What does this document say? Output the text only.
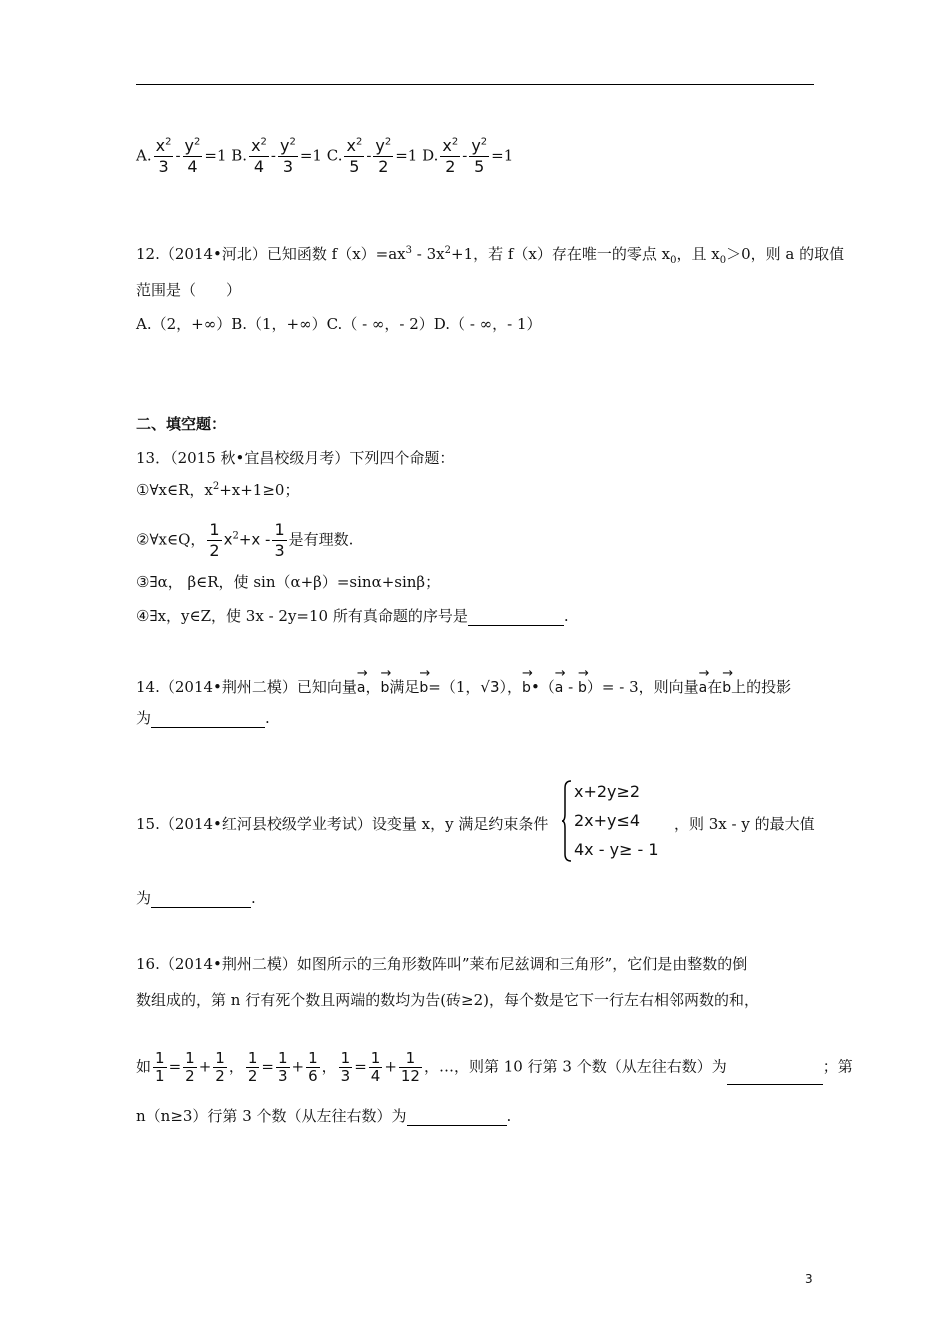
A. $\frac{x^2}{3} - \frac{y^2}{4} =1$ B. $\frac{x^2}{4} - \frac{y^2}{3} =1$ C. $\frac{x^2}{5} - \frac{y^2}{2} =1$ D. $\frac{x^2}{2} - \frac{y^2}{5} =1$
12.（2014•河北）已知函数 $f(x)=ax^3 - 3x^2+1$，若 f（x）存在唯一的零点 $x_0$，且 $x_0>0$，则 a 的取值
范围是（　　）
A.（2，+∞）B.（1，+∞）C.（ - ∞，- 2）D.（ - ∞，- 1）
二、填空题：
13．（2015 秋•宜昌校级月考）下列四个命题：
①∀x∈R，$x^2+x+1\ge 0$；
②∀x∈Q， $\frac{1}{2} x^2+x - \frac{1}{3}$ 是有理数.
③∃α， β∈R，使 sin（α+β）=sinα+sinβ；
④∃x，y∈Z，使 3x - 2y=10 所有真命题的序号是	.
14.（2014•荆州二模）已知向量→ a，→ b满足→ b=（1，√3），→ b•（→ a - → b）= - 3，则向量→ a在→ b上的投影
为	.
15.（2014•红河县校级学业考试）设变量 x，y 满足约束条件
x+2y≥2
2x+y≤4
4x - y≥ - 1
，则 3x - y 的最大值
为	.
16.（2014•荆州二模）如图所示的三角形数阵叫”莱布尼兹调和三角形”，它们是由整数的倒
数组成的，第 n 行有死个数且两端的数均为告(砖≥2)，每个数是它下一行左右相邻两数的和，
如 $\frac{1}{1} = \frac{1}{2} + \frac{1}{2}$ ， $\frac{1}{2} = \frac{1}{3} + \frac{1}{6}$ ， $\frac{1}{3} = \frac{1}{4} + \frac{1}{12}$ ，…，则第 10 行第 3 个数（从左往右数）为	；第
n（n≥3）行第 3 个数（从左往右数）为	.
3
